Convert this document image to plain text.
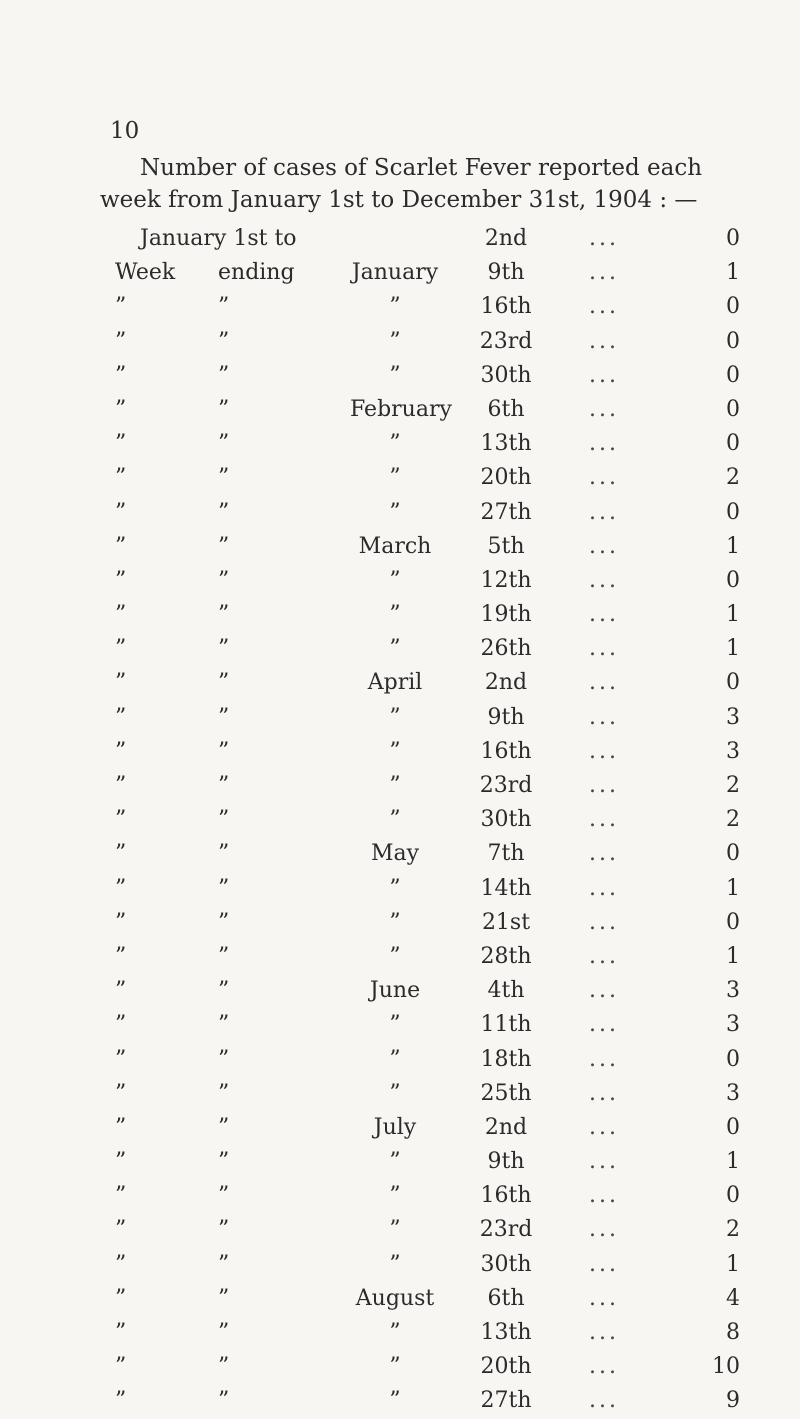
10
Number of cases of Scarlet Fever reported each
week from January 1st to December 31st, 1904 : —
January 1st to	2nd	...	0
Week ending	January	9th	...	1
”	”	”	16th	...	0
”	”	”	23rd	...	0
”	”	”	30th	...	0
”	”	February	6th	...	0
”	”	”	13th	...	0
”	”	”	20th	...	2
”	”	”	27th	...	0
”	”	March	5th	...	1
”	”	”	12th	...	0
”	”	”	19th	...	1
”	”	”	26th	...	1
”	”	April	2nd	...	0
”	”	”	9th	...	3
”	”	”	16th	...	3
”	”	”	23rd	...	2
”	”	”	30th	...	2
”	”	May	7th	...	0
”	”	”	14th	...	1
”	”	”	21st	...	0
”	”	”	28th	...	1
”	”	June	4th	...	3
”	”	”	11th	...	3
”	”	”	18th	...	0
”	”	”	25th	...	3
”	”	July	2nd	...	0
”	”	”	9th	...	1
”	”	”	16th	...	0
”	”	”	23rd	...	2
”	”	”	30th	...	1
”	”	August	6th	...	4
”	”	”	13th	...	8
”	”	”	20th	...	10
”	”	”	27th	...	9
